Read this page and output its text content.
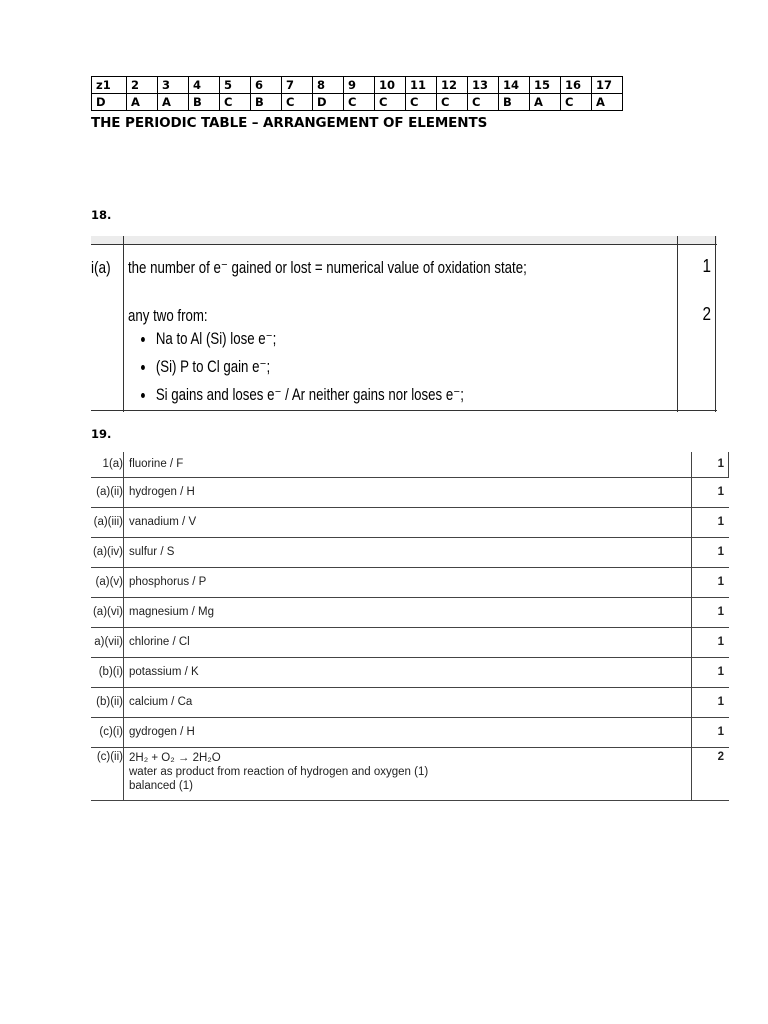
z1	2	3	4	5	6	7	8	9	10	11	12	13	14	15	16	17
D	A	A	B	C	B	C	D	C	C	C	C	C	B	A	C	A
THE PERIODIC TABLE – ARRANGEMENT OF ELEMENTS
18.
i(a) the number of e⁻ gained or lost = numerical value of oxidation state;	1
any two from:	2
Na to Al (Si) lose e⁻;
(Si) P to Cl gain e⁻;
Si gains and loses e⁻ / Ar neither gains nor loses e⁻;
19.
1(a) fluorine / F	1
(a)(ii) hydrogen / H	1
(a)(iii) vanadium / V	1
(a)(iv) sulfur / S	1
(a)(v) phosphorus / P	1
(a)(vi) magnesium / Mg	1
a)(vii) chlorine / Cl	1
(b)(i) potassium / K	1
(b)(ii) calcium / Ca	1
(c)(i) gydrogen / H	1
(c)(ii) 2H₂ + O₂ → 2H₂O
water as product from reaction of hydrogen and oxygen (1)
balanced (1)
2
